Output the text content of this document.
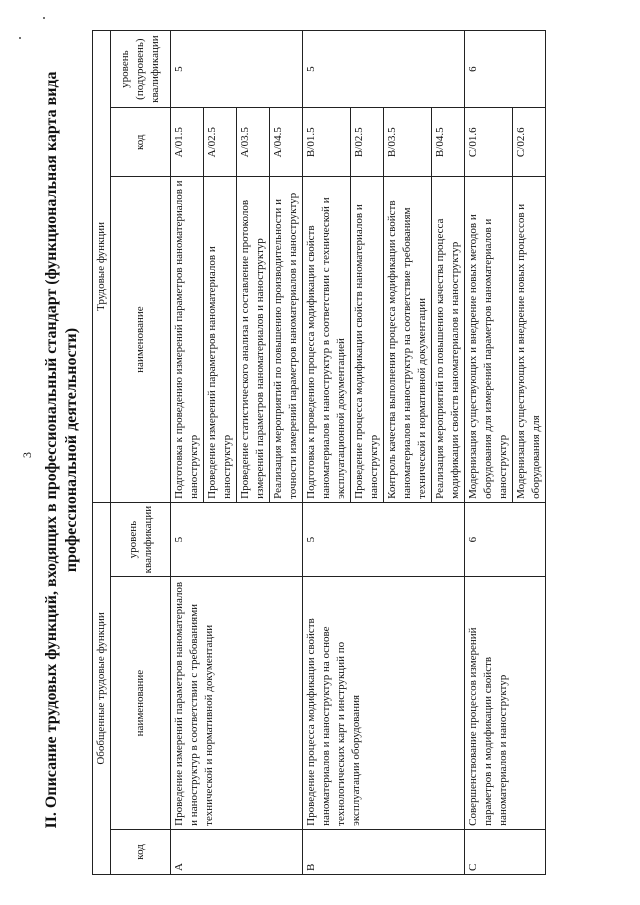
3 II. Описание трудовых функций, входящих в профессиональный стандарт (функциональная карта вида профессиональной деятельности)
Обобщенные трудовые функции			Трудовые функции		
код	наименование	уровень квалификации	наименование	код	уровень (подуровень) квалификации
A	Проведение измерений параметров наноматериалов и наноструктур в соответствии с требованиями технической и нормативной документации	5	Подготовка к проведению измерений параметров наноматериалов и наноструктур	A/01.5	5
			Проведение измерений параметров наноматериалов и наноструктур	A/02.5	
			Проведение статистического анализа и составление протоколов измерений параметров наноматериалов и наноструктур	A/03.5	
			Реализация мероприятий по повышению производительности и точности измерений параметров наноматериалов и наноструктур	A/04.5	
B	Проведение процесса модификации свойств наноматериалов и наноструктур на основе технологических карт и инструкций по эксплуатации оборудования	5	Подготовка к проведению процесса модификации свойств наноматериалов и наноструктур в соответствии с технической и эксплуатационной документацией	B/01.5	5
			Проведение процесса модификации свойств наноматериалов и наноструктур	B/02.5	
			Контроль качества выполнения процесса модификации свойств наноматериалов и наноструктур на соответствие требованиям технической и нормативной документации	B/03.5	
			Реализация мероприятий по повышению качества процесса модификации свойств наноматериалов и наноструктур	B/04.5	
C	Совершенствование процессов измерений параметров и модификации свойств наноматериалов и наноструктур	6	Модернизация существующих и внедрение новых методов и оборудования для измерений параметров наноматериалов и наноструктур	C/01.6	6
			Модернизация существующих и внедрение новых процессов и оборудования для	C/02.6	
